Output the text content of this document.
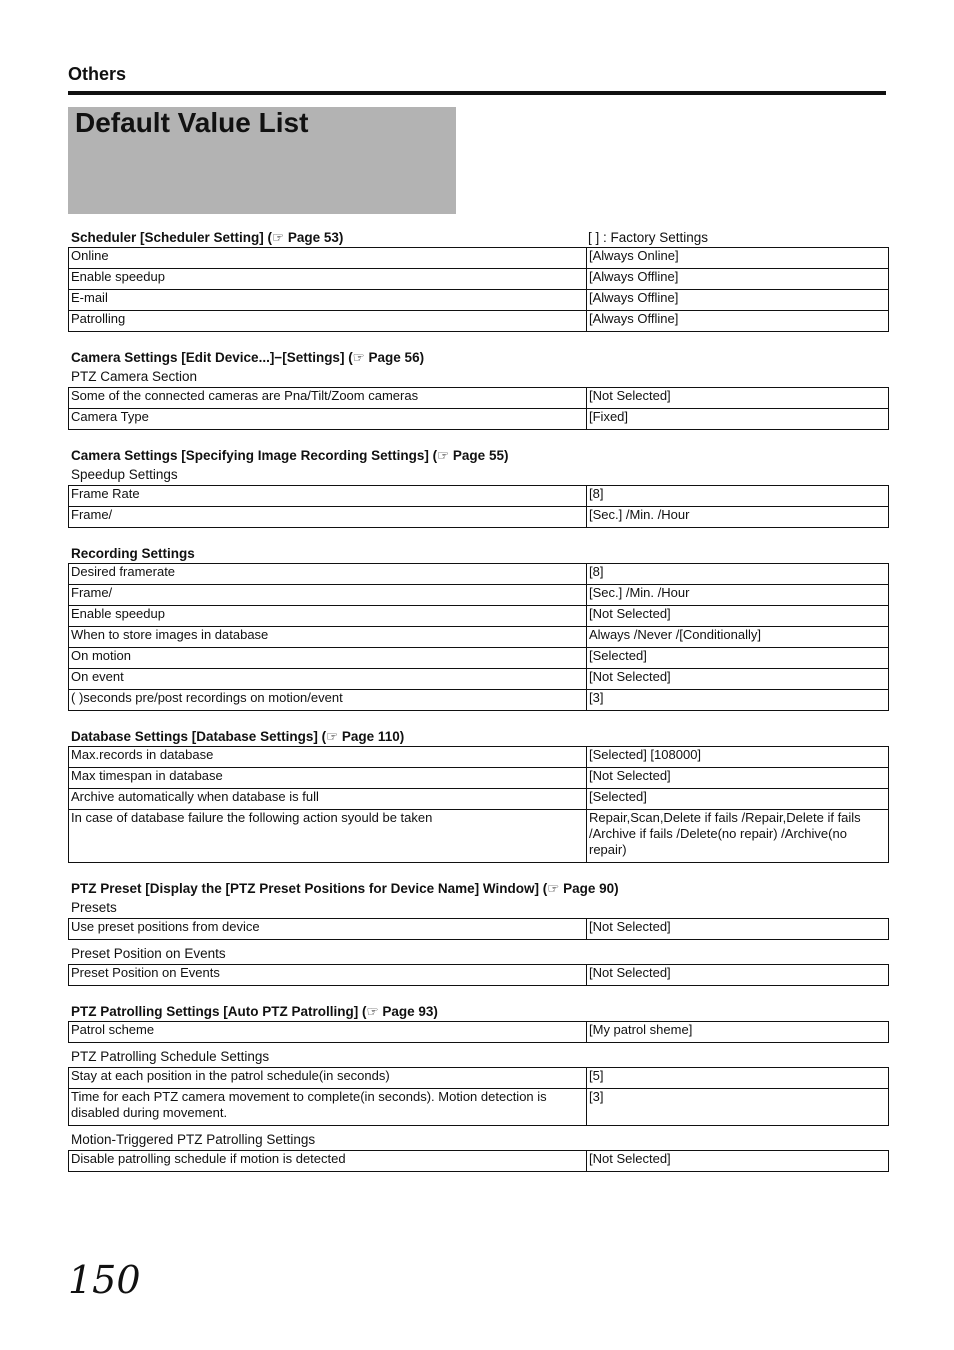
Others
Default Value List
Scheduler [Scheduler Setting] (☞ Page 53)	[ ] : Factory Settings
Online	[Always Online]
Enable speedup	[Always Offline]
E-mail	[Always Offline]
Patrolling	[Always Offline]
Camera Settings [Edit Device...]−[Settings] (☞ Page 56)
PTZ Camera Section
Some of the connected cameras are Pna/Tilt/Zoom cameras	[Not Selected]
Camera Type	[Fixed]
Camera Settings [Specifying Image Recording Settings] (☞ Page 55)
Speedup Settings
Frame Rate	[8]
Frame/	[Sec.] /Min. /Hour
Recording Settings
Desired framerate	[8]
Frame/	[Sec.] /Min. /Hour
Enable speedup	[Not Selected]
When to store images in database	Always /Never /[Conditionally]
On motion	[Selected]
On event	[Not Selected]
( )seconds pre/post recordings on motion/event	[3]
Database Settings [Database Settings] (☞ Page 110)
Max.records in database	[Selected] [108000]
Max timespan in database	[Not Selected]
Archive automatically when database is full	[Selected]
In case of database failure the following action syould be taken	Repair,Scan,Delete if fails /Repair,Delete if fails /Archive if fails /Delete(no repair) /Archive(no repair)
PTZ Preset [Display the [PTZ Preset Positions for Device Name] Window] (☞ Page 90)
Presets
Use preset positions from device	[Not Selected]
Preset Position on Events
Preset Position on Events	[Not Selected]
PTZ Patrolling Settings [Auto PTZ Patrolling] (☞ Page 93)
Patrol scheme	[My patrol sheme]
PTZ Patrolling Schedule Settings
Stay at each position in the patrol schedule(in seconds)	[5]
Time for each PTZ camera movement to complete(in seconds). Motion detection is disabled during movement.	[3]
Motion-Triggered PTZ Patrolling Settings
Disable patrolling schedule if motion is detected	[Not Selected]
150
